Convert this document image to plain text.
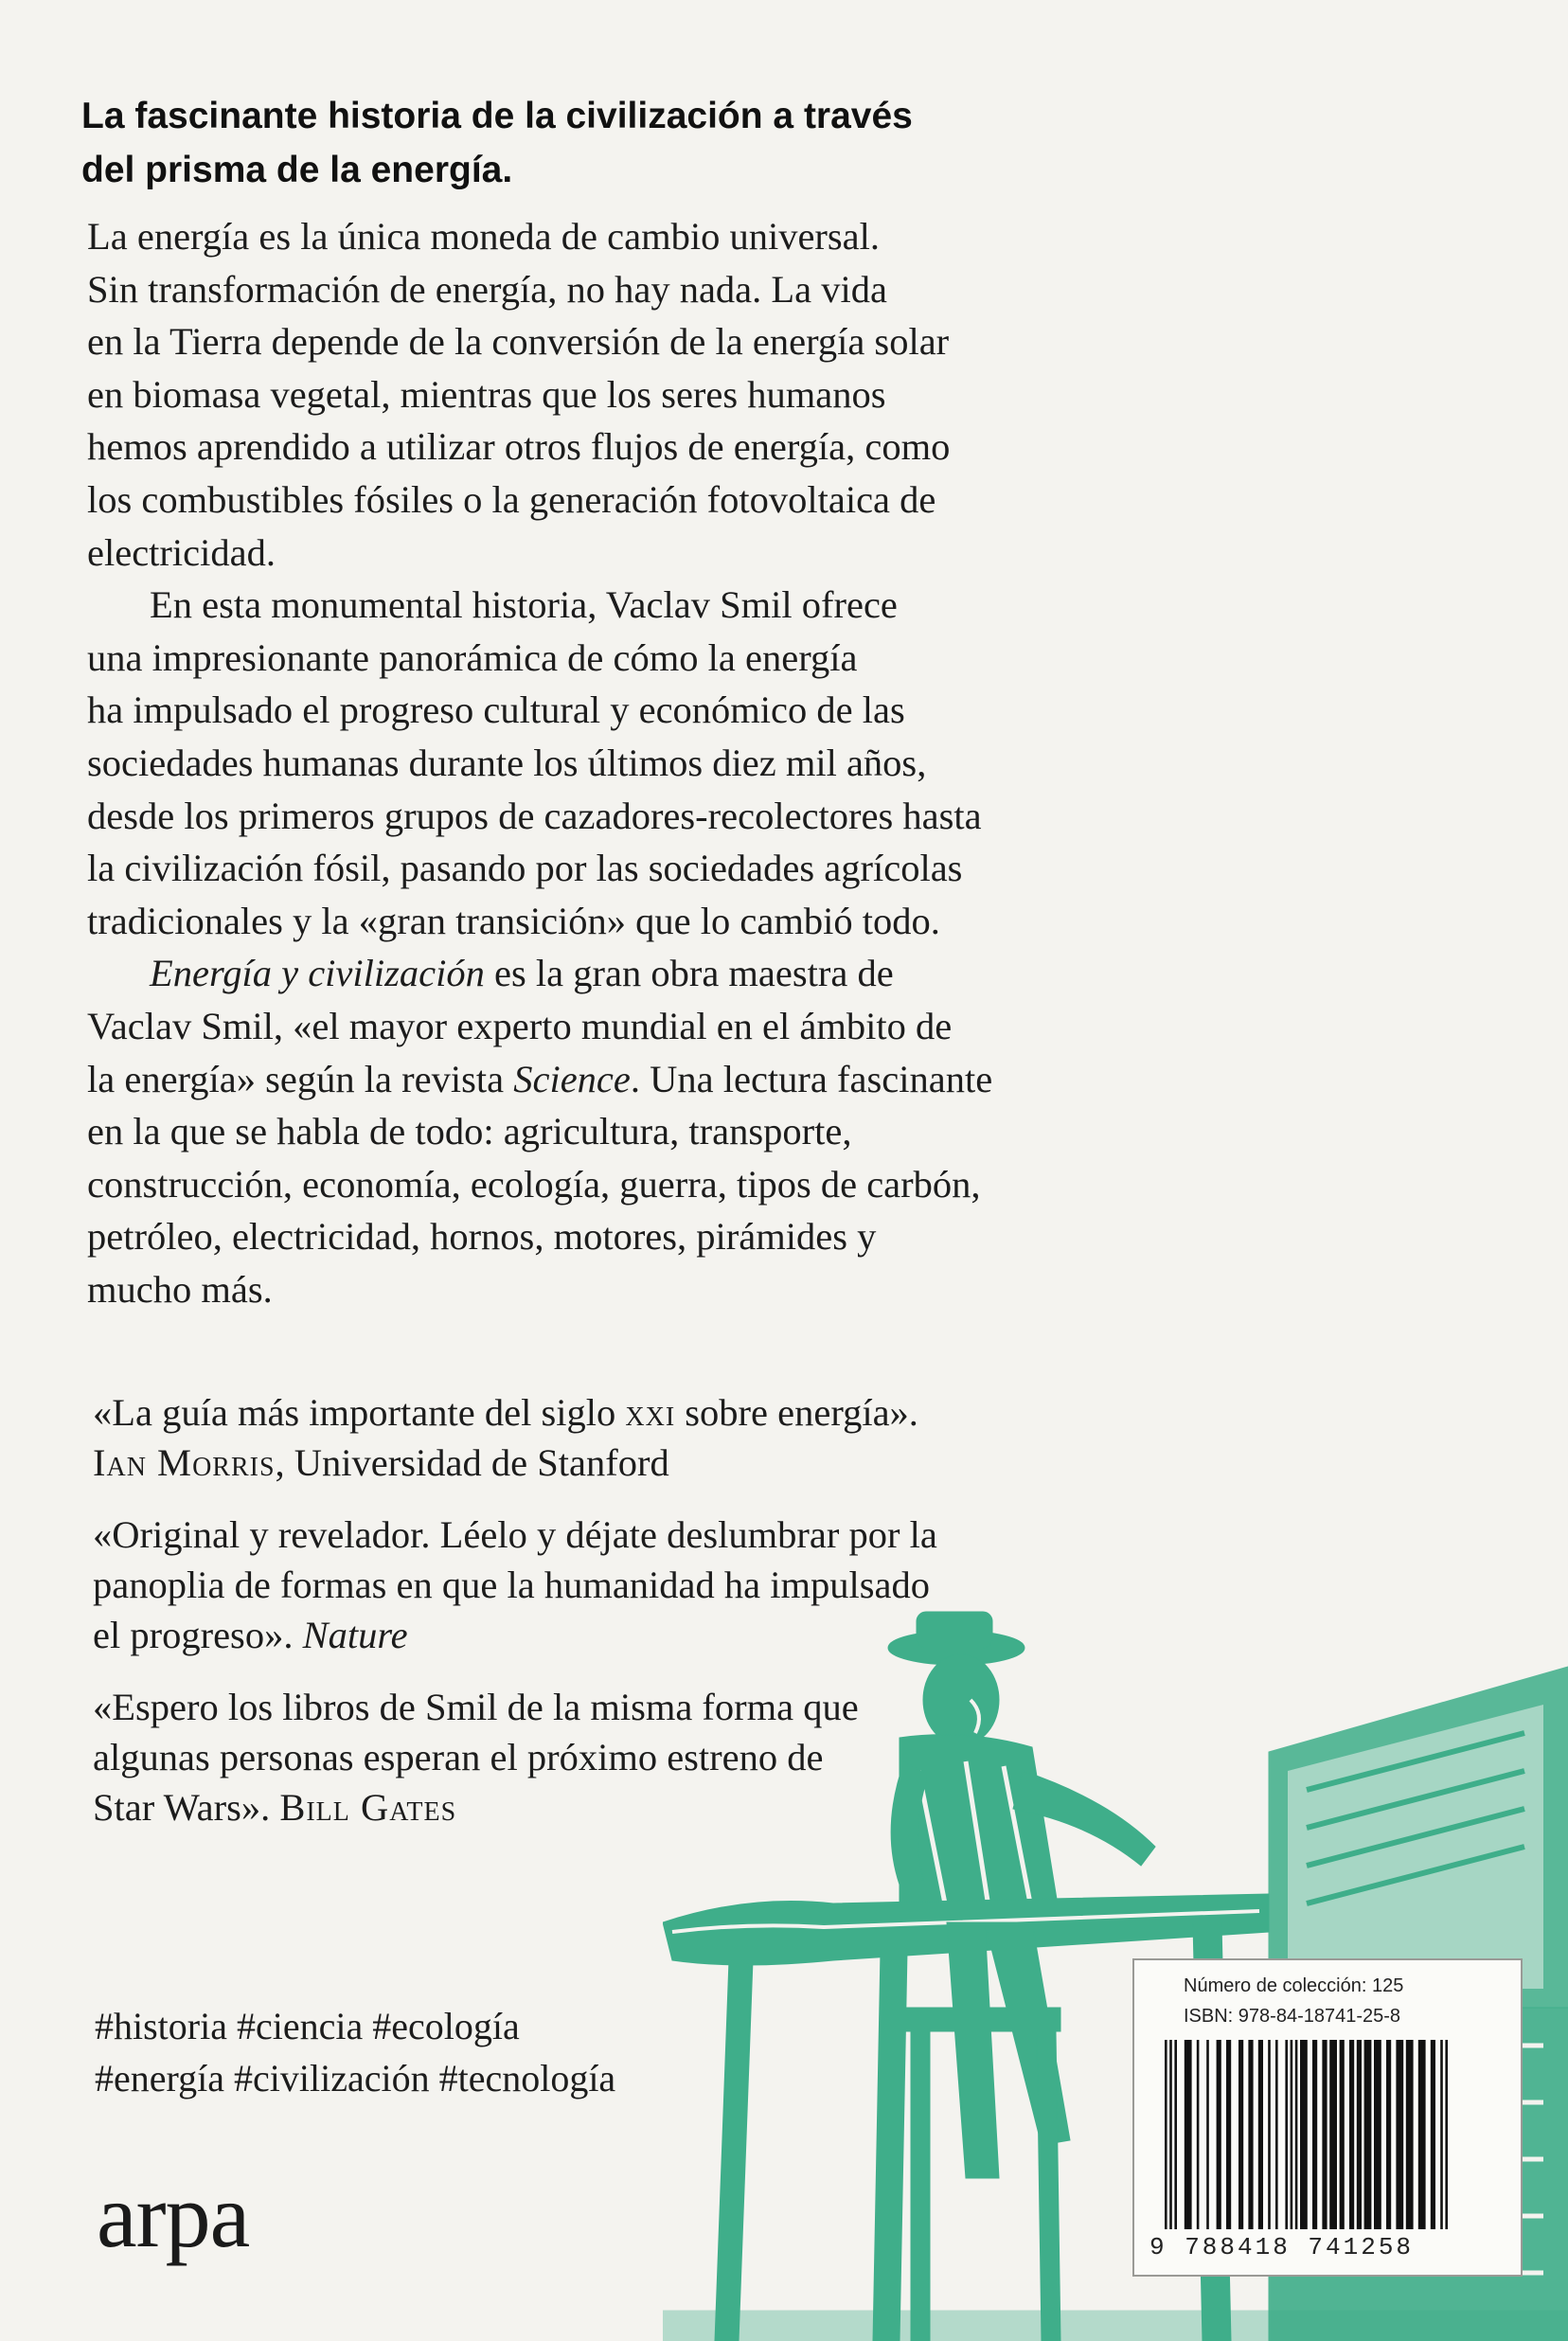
La fascinante historia de la civilización a través
del prisma de la energía.
La energía es la única moneda de cambio universal.
Sin transformación de energía, no hay nada. La vida
en la Tierra depende de la conversión de la energía solar
en biomasa vegetal, mientras que los seres humanos
hemos aprendido a utilizar otros flujos de energía, como
los combustibles fósiles o la generación fotovoltaica de
electricidad.
En esta monumental historia, Vaclav Smil ofrece
una impresionante panorámica de cómo la energía
ha impulsado el progreso cultural y económico de las
sociedades humanas durante los últimos diez mil años,
desde los primeros grupos de cazadores-recolectores hasta
la civilización fósil, pasando por las sociedades agrícolas
tradicionales y la «gran transición» que lo cambió todo.
Energía y civilización es la gran obra maestra de
Vaclav Smil, «el mayor experto mundial en el ámbito de
la energía» según la revista Science. Una lectura fascinante
en la que se habla de todo: agricultura, transporte,
construcción, economía, ecología, guerra, tipos de carbón,
petróleo, electricidad, hornos, motores, pirámides y
mucho más.
«La guía más importante del siglo xxi sobre energía».
Ian Morris, Universidad de Stanford
«Original y revelador. Léelo y déjate deslumbrar por la
panoplia de formas en que la humanidad ha impulsado
el progreso». Nature
«Espero los libros de Smil de la misma forma que
algunas personas esperan el próximo estreno de
Star Wars». Bill Gates
#historia #ciencia #ecología
#energía #civilización #tecnología
arpa
Número de colección: 125
ISBN: 978-84-18741-25-8
9 788418 741258
